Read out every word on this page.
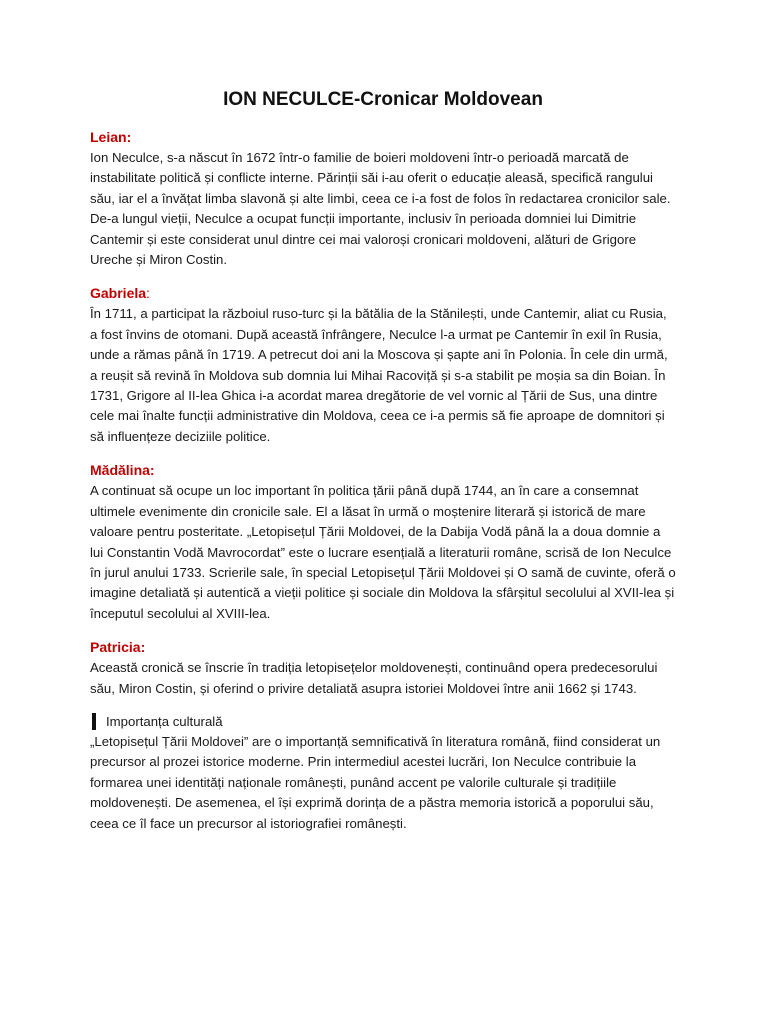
ION NECULCE-Cronicar Moldovean

Leian:

Ion Neculce, s-a născut în 1672 într-o familie de boieri moldoveni într-o perioadă marcată de instabilitate politică și conflicte interne. Părinții săi i-au oferit o educație aleasă, specifică rangului său, iar el a învățat limba slavonă și alte limbi, ceea ce i-a fost de folos în redactarea cronicilor sale. De-a lungul vieții, Neculce a ocupat funcții importante, inclusiv în perioada domniei lui Dimitrie Cantemir și este considerat unul dintre cei mai valoroși cronicari moldoveni, alături de Grigore Ureche și Miron Costin.

Gabriela:

În 1711, a participat la războiul ruso-turc și la bătălia de la Stănilești, unde Cantemir, aliat cu Rusia, a fost învins de otomani. După această înfrângere, Neculce l-a urmat pe Cantemir în exil în Rusia, unde a rămas până în 1719. A petrecut doi ani la Moscova și șapte ani în Polonia. În cele din urmă, a reușit să revină în Moldova sub domnia lui Mihai Racoviță și s-a stabilit pe moșia sa din Boian. În 1731, Grigore al II-lea Ghica i-a acordat marea dregătorie de vel vornic al Țării de Sus, una dintre cele mai înalte funcții administrative din Moldova, ceea ce i-a permis să fie aproape de domnitori și să influențeze deciziile politice.

Mădălina:

A continuat să ocupe un loc important în politica țării până după 1744, an în care a consemnat ultimele evenimente din cronicile sale. El a lăsat în urmă o moștenire literară și istorică de mare valoare pentru posteritate. „Letopisețul Țării Moldovei, de la Dabija Vodă până la a doua domnie a lui Constantin Vodă Mavrocordat” este o lucrare esențială a literaturii române, scrisă de Ion Neculce în jurul anului 1733. Scrierile sale, în special Letopisețul Țării Moldovei și O samă de cuvinte, oferă o imagine detaliată și autentică a vieții politice și sociale din Moldova la sfârșitul secolului al XVII-lea și începutul secolului al XVIII-lea.

Patricia:

Această cronică se înscrie în tradiția letopisețelor moldovenești, continuând opera predecesorului său, Miron Costin, și oferind o privire detaliată asupra istoriei Moldovei între anii 1662 și 1743.

Importanța culturală

„Letopisețul Țării Moldovei” are o importanță semnificativă în literatura română, fiind considerat un precursor al prozei istorice moderne. Prin intermediul acestei lucrări, Ion Neculce contribuie la formarea unei identități naționale românești, punând accent pe valorile culturale și tradițiile moldovenești. De asemenea, el își exprimă dorința de a păstra memoria istorică a poporului său, ceea ce îl face un precursor al istoriografiei românești.
